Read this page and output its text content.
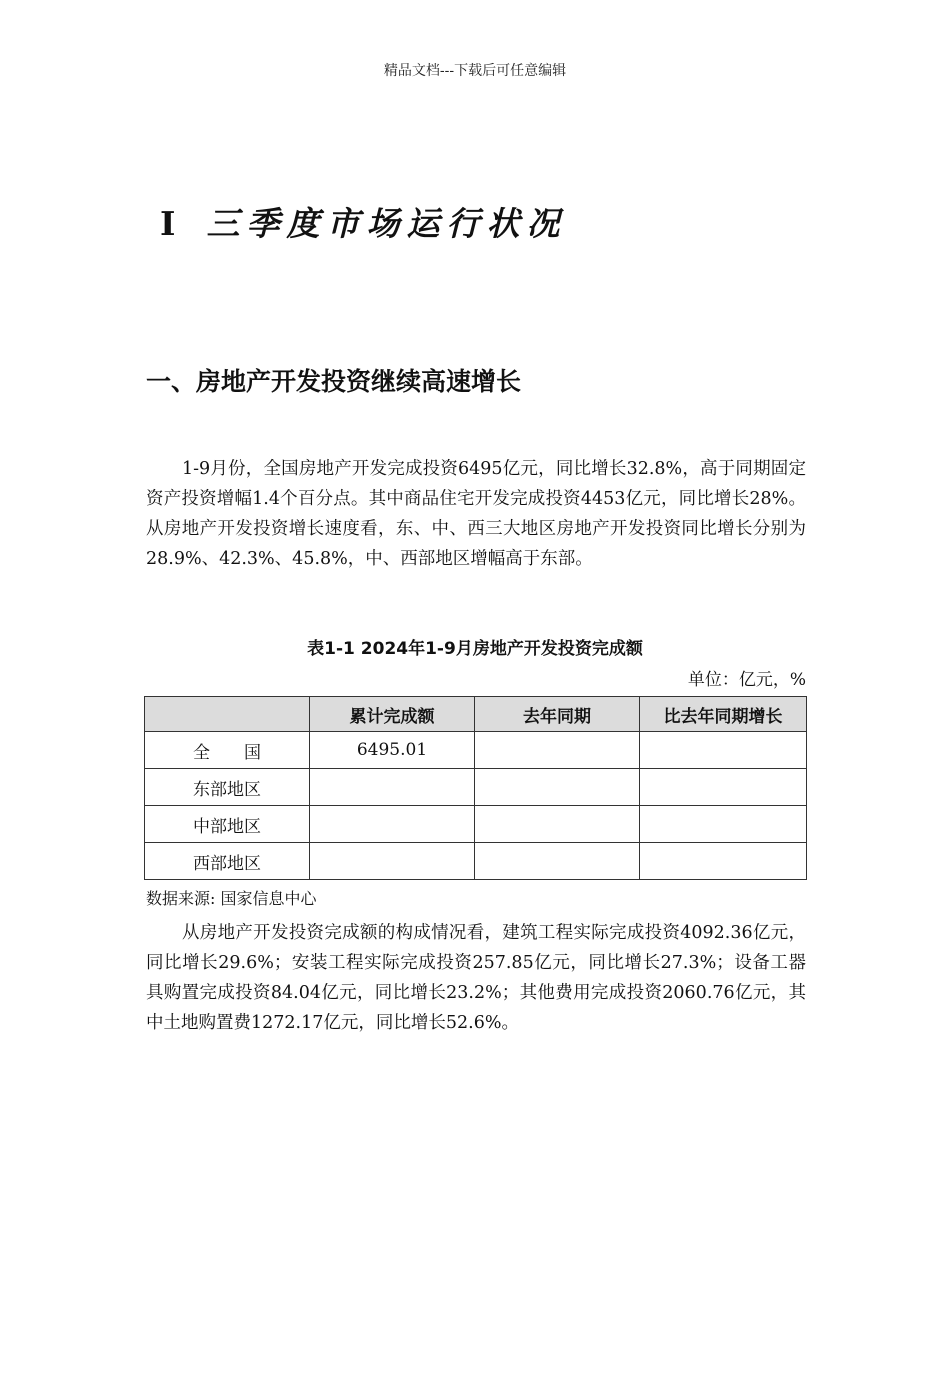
精品文档---下载后可任意编辑
Ⅰ 三季度市场运行状况
一、房地产开发投资继续高速增长

1-9月份，全国房地产开发完成投资6495亿元，同比增长32.8%，高于同期固定资产投资增幅1.4个百分点。其中商品住宅开发完成投资4453亿元，同比增长28%。从房地产开发投资增长速度看，东、中、西三大地区房地产开发投资同比增长分别为28.9%、42.3%、45.8%，中、西部地区增幅高于东部。

表1-1 2024年1-9月房地产开发投资完成额
单位：亿元，%
	累计完成额	去年同期	比去年同期增长
全　　国	6495.01		
东部地区			
中部地区			
西部地区			
数据来源: 国家信息中心

从房地产开发投资完成额的构成情况看，建筑工程实际完成投资4092.36亿元，同比增长29.6%；安装工程实际完成投资257.85亿元，同比增长27.3%；设备工器具购置完成投资84.04亿元，同比增长23.2%；其他费用完成投资2060.76亿元，其中土地购置费1272.17亿元，同比增长52.6%。
